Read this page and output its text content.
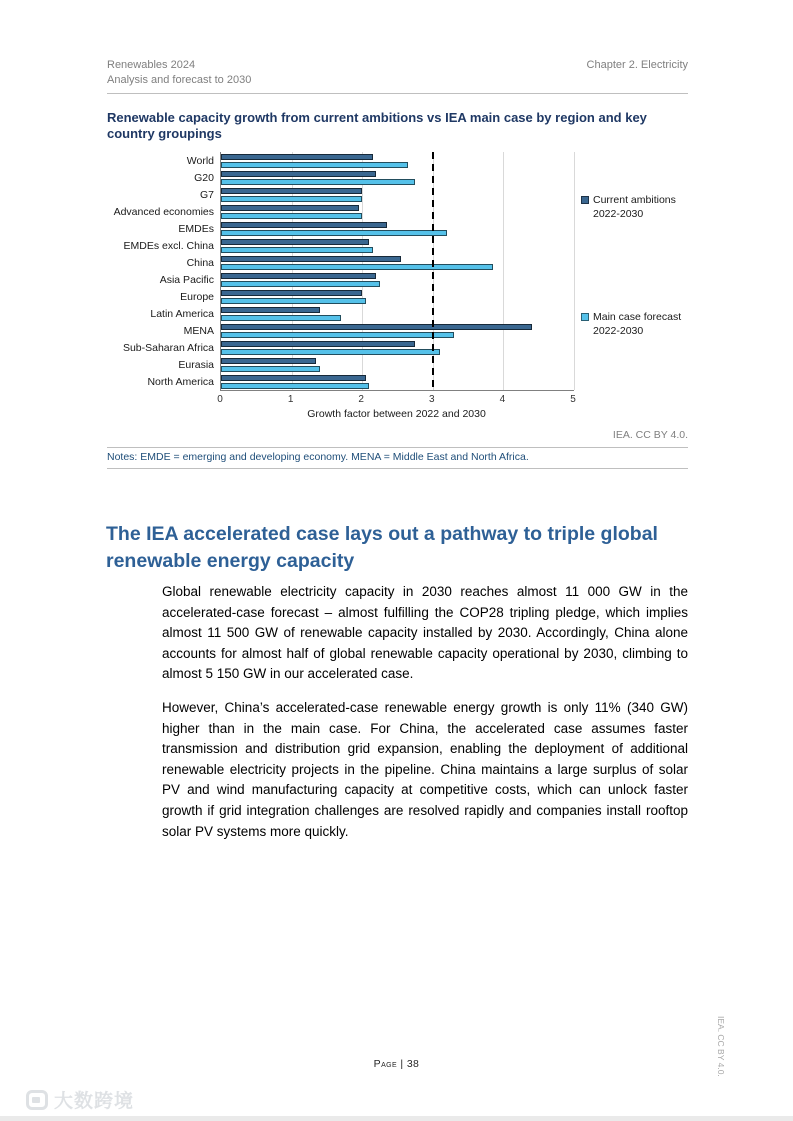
Renewables 2024
Analysis and forecast to 2030
Chapter 2. Electricity
Renewable capacity growth from current ambitions vs IEA main case by region and key country groupings
World
G20
G7
Advanced economies
EMDEs
EMDEs excl. China
China
Asia Pacific
Europe
Latin America
MENA
Sub-Saharan Africa
Eurasia
North America
0	1	2	3	4	5
Growth factor between 2022 and 2030
Current ambitions 2022-2030
Main case forecast 2022-2030
IEA. CC BY 4.0.
Notes: EMDE = emerging and developing economy. MENA = Middle East and North Africa.
The IEA accelerated case lays out a pathway to triple global renewable energy capacity

Global renewable electricity capacity in 2030 reaches almost 11 000 GW in the accelerated-case forecast – almost fulfilling the COP28 tripling pledge, which implies almost 11 500 GW of renewable capacity installed by 2030. Accordingly, China alone accounts for almost half of global renewable capacity operational by 2030, climbing to almost 5 150 GW in our accelerated case.

However, China’s accelerated-case renewable energy growth is only 11% (340 GW) higher than in the main case. For China, the accelerated case assumes faster transmission and distribution grid expansion, enabling the deployment of additional renewable electricity projects in the pipeline. China maintains a large surplus of solar PV and wind manufacturing capacity at competitive costs, which can unlock faster growth if grid integration challenges are resolved rapidly and companies install rooftop solar PV systems more quickly.

Page | 38	IEA. CC BY 4.0.
大数跨境
